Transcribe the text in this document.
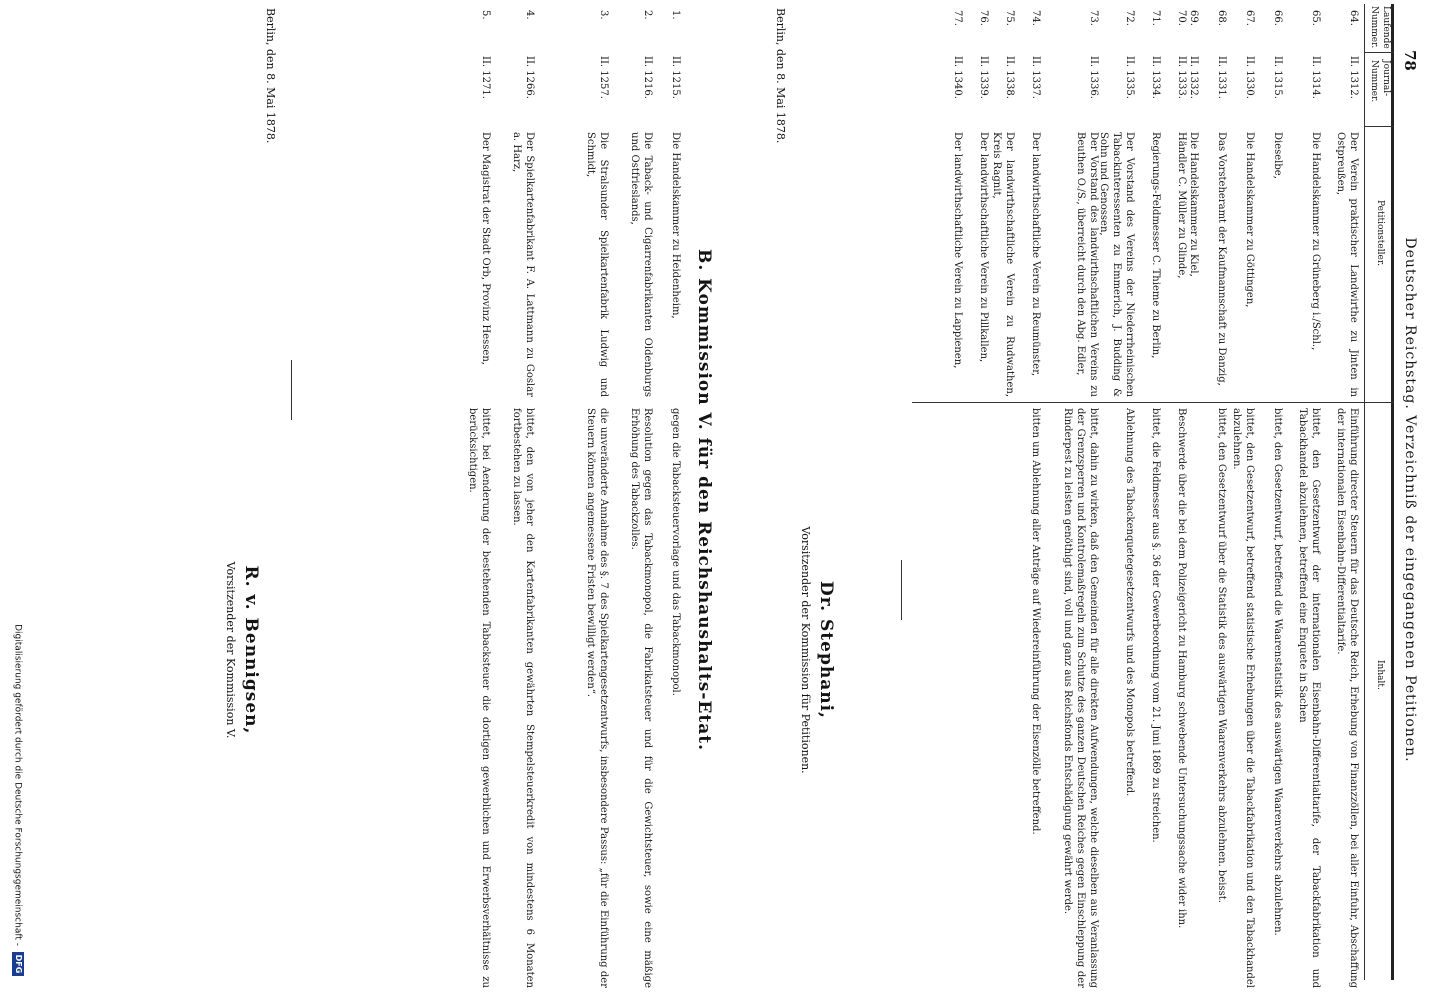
78
Deutscher Reichstag. Verzeichniß der eingegangenen Petitionen.
Laufende
Nummer.
Journal-
Nummer.
Petitionsteller.
Inhalt.
64.
II. 1312.
Der Verein praktischer Landwirthe zu Jinten in Ostpreußen,
Einführung directer Steuern für das Deutsche Reich, Erhebung von Finanzzöllen, bei aller Einfuhr, Abschaffung der internationalen Eisenbahn-Differentialtarife.
65.
II. 1314.
Die Handelskammer zu Grüneberg i./Schl.,
bittet, den Gesetzentwurf der internationalen Eisenbahn-Differentialtarife, der Tabackfabrikation und Tabackhandel abzulehnen, betreffend eine Enquete in Sachen
66.
II. 1315.
Dieselbe,
bittet, den Gesetzentwurf, betreffend die Waarenstatistik des auswärtigen Waarenverkehrs abzulehnen.
67.
II. 1330.
Die Handelskammer zu Göttingen,
bittet, den Gesetzentwurf, betreffend statistische Erhebungen über die Tabackfabrikation und den Tabackhandel abzulehnen.
68.
II. 1331.
Das Vorsteheramt der Kaufmannschaft zu Danzig,
bittet, den Gesetzentwurf über die Statistik des auswärtigen Waarenverkehrs abzulehnen. beisst.
69.
II. 1332.
Die Handelskammer zu Kiel,
70.
II. 1333.
Händler C. Müller zu Glinde,
Beschwerde über die bei dem Polizeigericht zu Hamburg schwebende Untersuchungssache wider ihn.
71.
II. 1334.
Regierungs-Feldmesser C. Thieme zu Berlin,
bittet, die Feldmesser aus §. 36 der Gewerbeordnung vom 21. Juni 1869 zu streichen.
72.
II. 1335.
Der Vorstand des Vereins der Niederrheinischen Tabackinteressenten zu Emmerich, J. Budding & Sohn und Genossen,
Ablehnung des Tabackenquetegesetzentwurfs und des Monopols betreffend.
73.
II. 1336.
Der Vorstand des landwirthschaftlichen Vereins zu Beuthen O./S., überreicht durch den Abg. Edler,
bittet, dahin zu wirken, daß den Gemeinden für alle direkten Aufwendungen, welche dieselben aus Veranlassung der Grenzsperren und Kontrolemaßregeln zum Schutze des ganzen Deutschen Reiches gegen Einschleppung der Rinderpest zu leisten genöthigt sind, voll und ganz aus Reichsfonds Entschädigung gewährt werde.
74.
II. 1337.
Der landwirthschaftliche Verein zu Reumünster,
bitten um Ablehnung aller Anträge auf Wiedereinführung der Eisenzölle betreffend.
75.
II. 1338.
Der landwirthschaftliche Verein zu Rudwathen, Kreis Ragnit,
76.
II. 1339.
Der landwirthschaftliche Verein zu Pillkallen,
77.
II. 1340.
Der landwirthschaftliche Verein zu Lappienen,
Berlin, den 8. Mai 1878.
Dr. Stephani,
Vorsitzender der Kommission für Petitionen.
B. Kommission V. für den Reichshaushalts-Etat.
1.
II. 1215.
Die Handelskammer zu Heidenheim,
gegen die Tabacksteuervorlage und das Tabackmonopol.
2.
II. 1216.
Die Taback- und Cigarrenfabrikanten Oldenburgs und Ostfrieslands,
Resolution gegen das Tabackmonopol, die Fabrikatsteuer und für die Gewichtsteuer, sowie eine mäßige Erhöhung des Tabackzolles.
3.
II. 1257.
Die Stralsunder Spielkartenfabrik Ludwig und Schmidt,
die unveränderte Annahme des §. 7 des Spielkartengesetzentwurfs, insbesondere Passus: „für die Einführung der Steuern können angemessene Fristen bewilligt werden“.
4.
II. 1266.
Der Spielkartenfabrikant F. A. Lattmann zu Goslar a. Harz,
bittet, den von jeher den Kartenfabrikanten gewährten Stempelsteuerkredit von mindestens 6 Monaten fortbestehen zu lassen.
5.
II. 1271.
Der Magistrat der Stadt Orb, Provinz Hessen,
bittet, bei Aenderung der bestehenden Tabacksteuer die dortigen gewerblichen und Erwerbsverhältnisse zu berücksichtigen.
Berlin, den 8. Mai 1878.
R. v. Bennigsen,
Vorsitzender der Kommission V.
Digitalisierung gefördert durch die Deutsche Forschungsgemeinschaft -DFG
